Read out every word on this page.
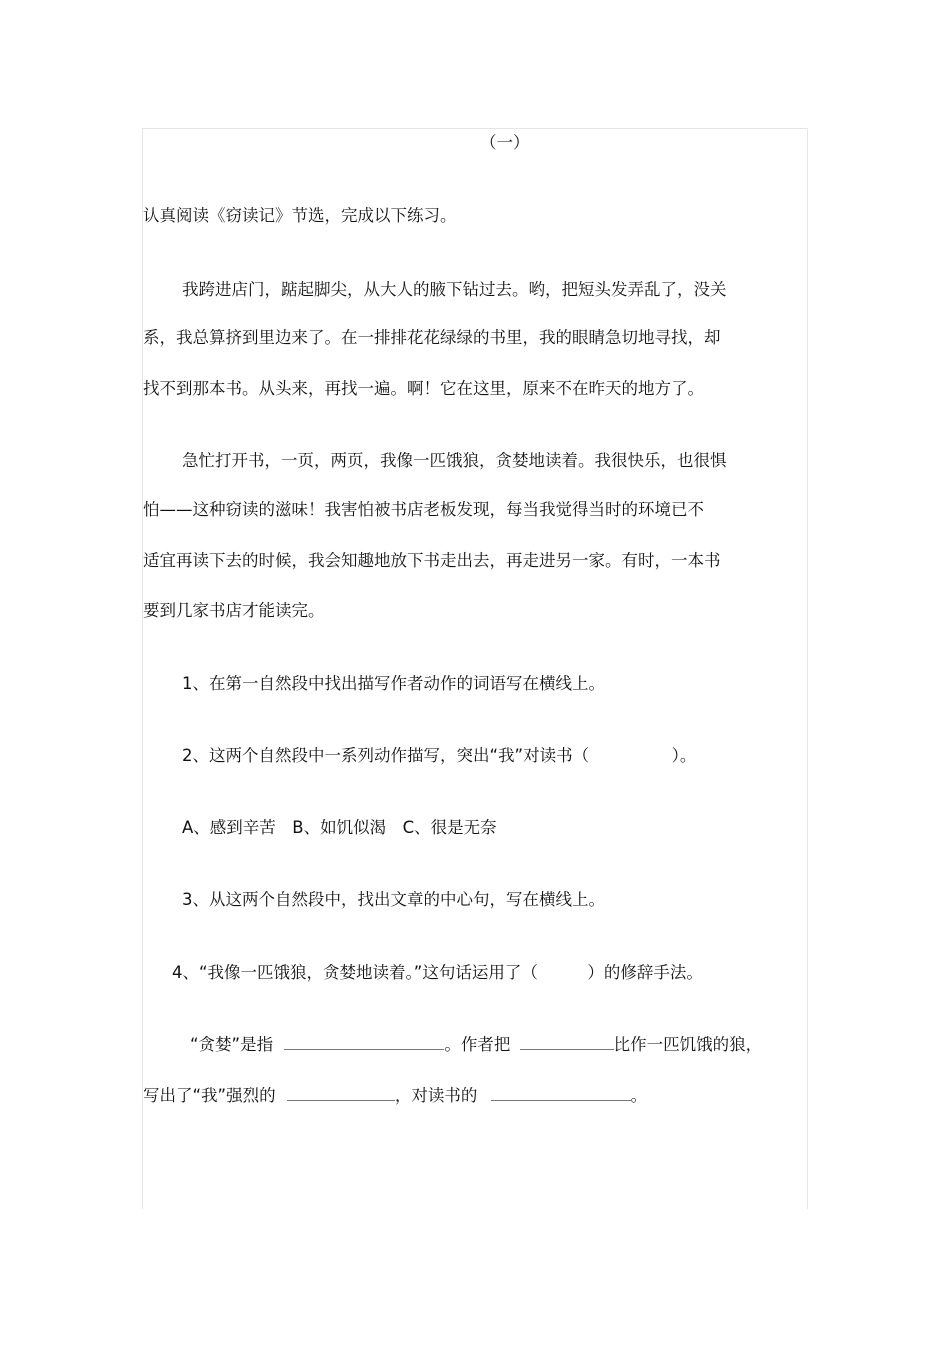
（一）
认真阅读《窃读记》节选，完成以下练习。
我跨进店门，踮起脚尖，从大人的腋下钻过去。哟，把短头发弄乱了，没关
系，我总算挤到里边来了。在一排排花花绿绿的书里，我的眼睛急切地寻找，却
找不到那本书。从头来，再找一遍。啊！它在这里，原来不在昨天的地方了。
急忙打开书，一页，两页，我像一匹饿狼，贪婪地读着。我很快乐，也很惧
怕——这种窃读的滋味！我害怕被书店老板发现，每当我觉得当时的环境已不
适宜再读下去的时候，我会知趣地放下书走出去，再走进另一家。有时，一本书
要到几家书店才能读完。
1、在第一自然段中找出描写作者动作的词语写在横线上。
2、这两个自然段中一系列动作描写，突出“我”对读书（　　　　　）。
A、感到辛苦　B、如饥似渴　C、很是无奈
3、从这两个自然段中，找出文章的中心句，写在横线上。
4、“我像一匹饿狼，贪婪地读着。”这句话运用了（　　　）的修辞手法。
“贪婪”是指	。作者把	比作一匹饥饿的狼，
写出了“我”强烈的	，对读书的	。
